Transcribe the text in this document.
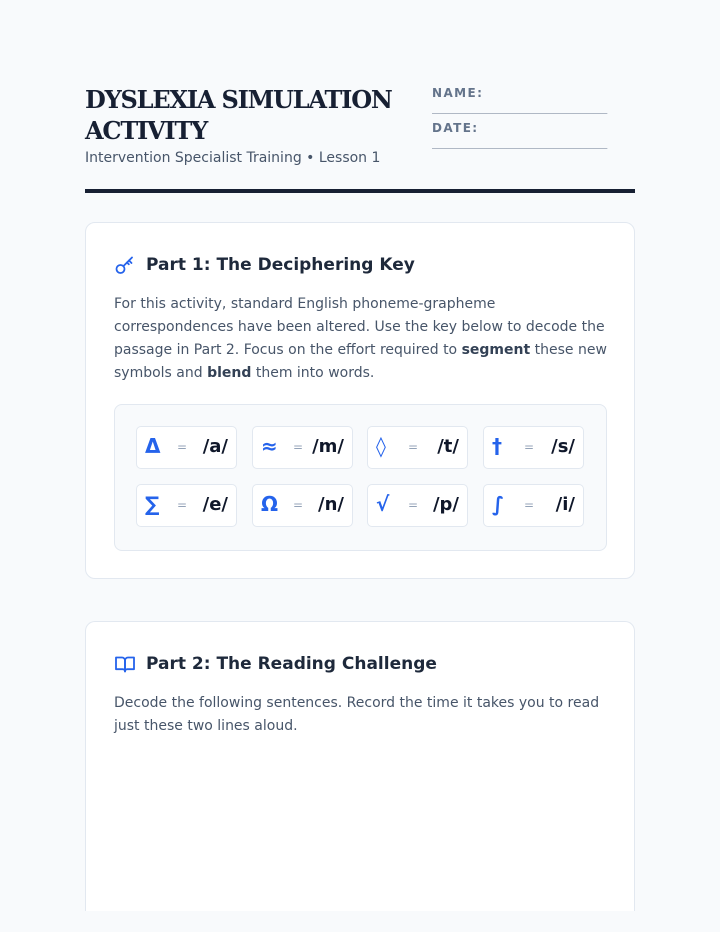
DYSLEXIA SIMULATION ACTIVITY
Intervention Specialist Training • Lesson 1
NAME:
__________________________
DATE:
__________________________
Part 1: The Deciphering Key

For this activity, standard English phoneme-grapheme correspondences have been altered. Use the key below to decode the passage in Part 2. Focus on the effort required to segment these new symbols and blend them into words.

Δ	= /a/ ≈	= /m/ ◊	= /t/ †	= /s/
∑	= /e/ Ω	= /n/ √	= /p/ ∫	= /i/
Part 2: The Reading Challenge

Decode the following sentences. Record the time it takes you to read just these two lines aloud.
